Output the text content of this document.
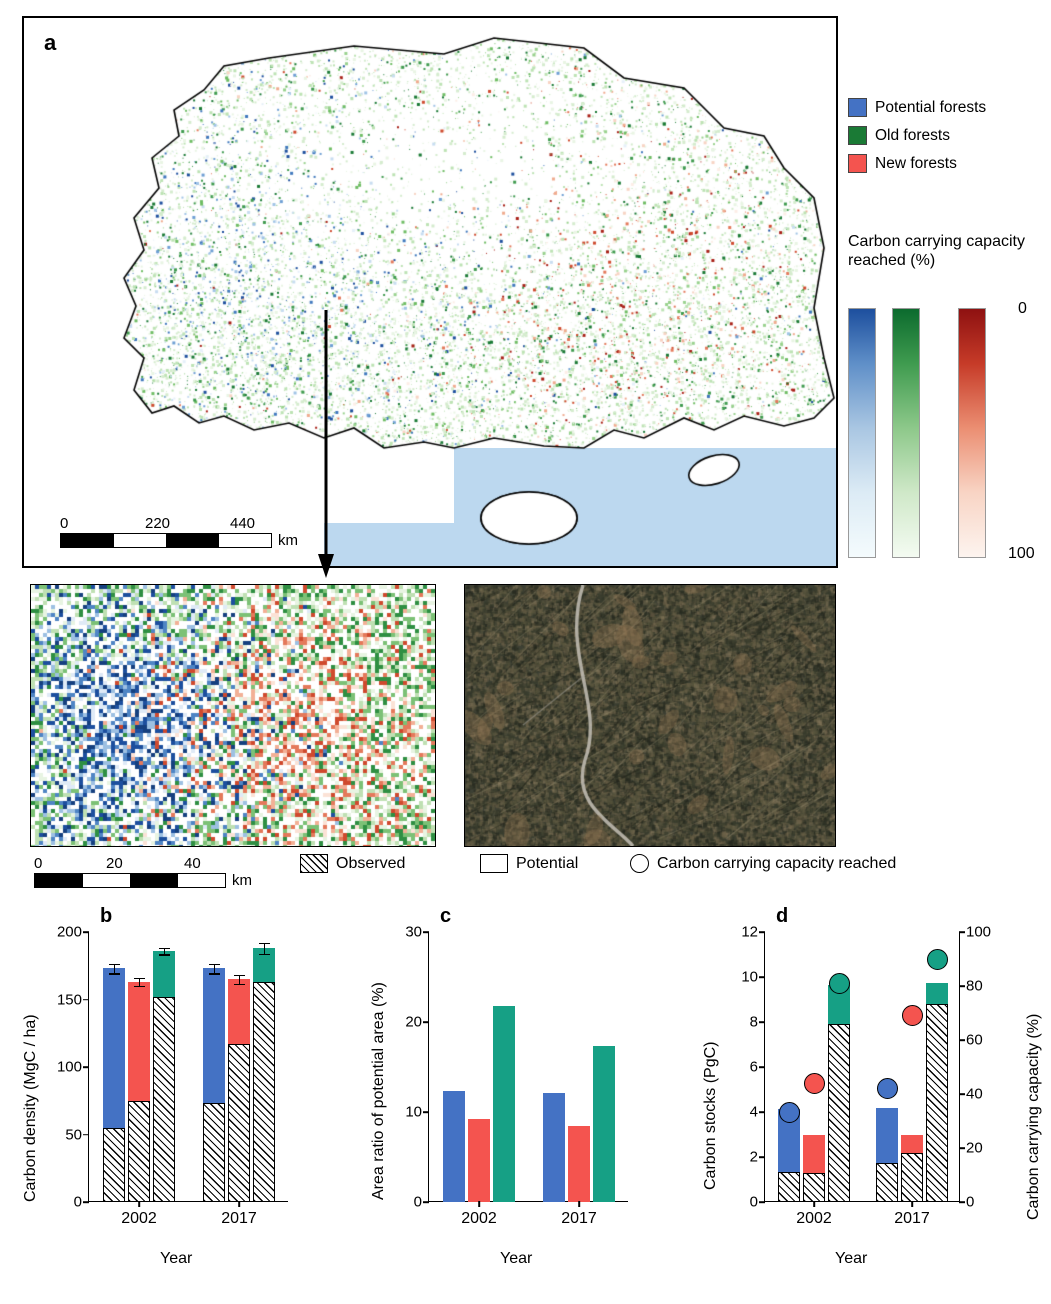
0	220	440
km
a
Potential forests
Old forests
New forests
Carbon carrying capacity reached (%)
0
100
0	20	40
km
Observed	Potential	Carbon carrying capacity reached
b
0
50
100
150
200
2002	2017
Carbon density (MgC / ha)
Year
c
0
10
20
30
2002	2017
Area ratio of potential area (%)
Year
d
0
2
4
6
8
10
12
0
20
40
60
80
100
2002	2017
Carbon stocks (PgC)	Carbon carrying capacity (%)
Year
